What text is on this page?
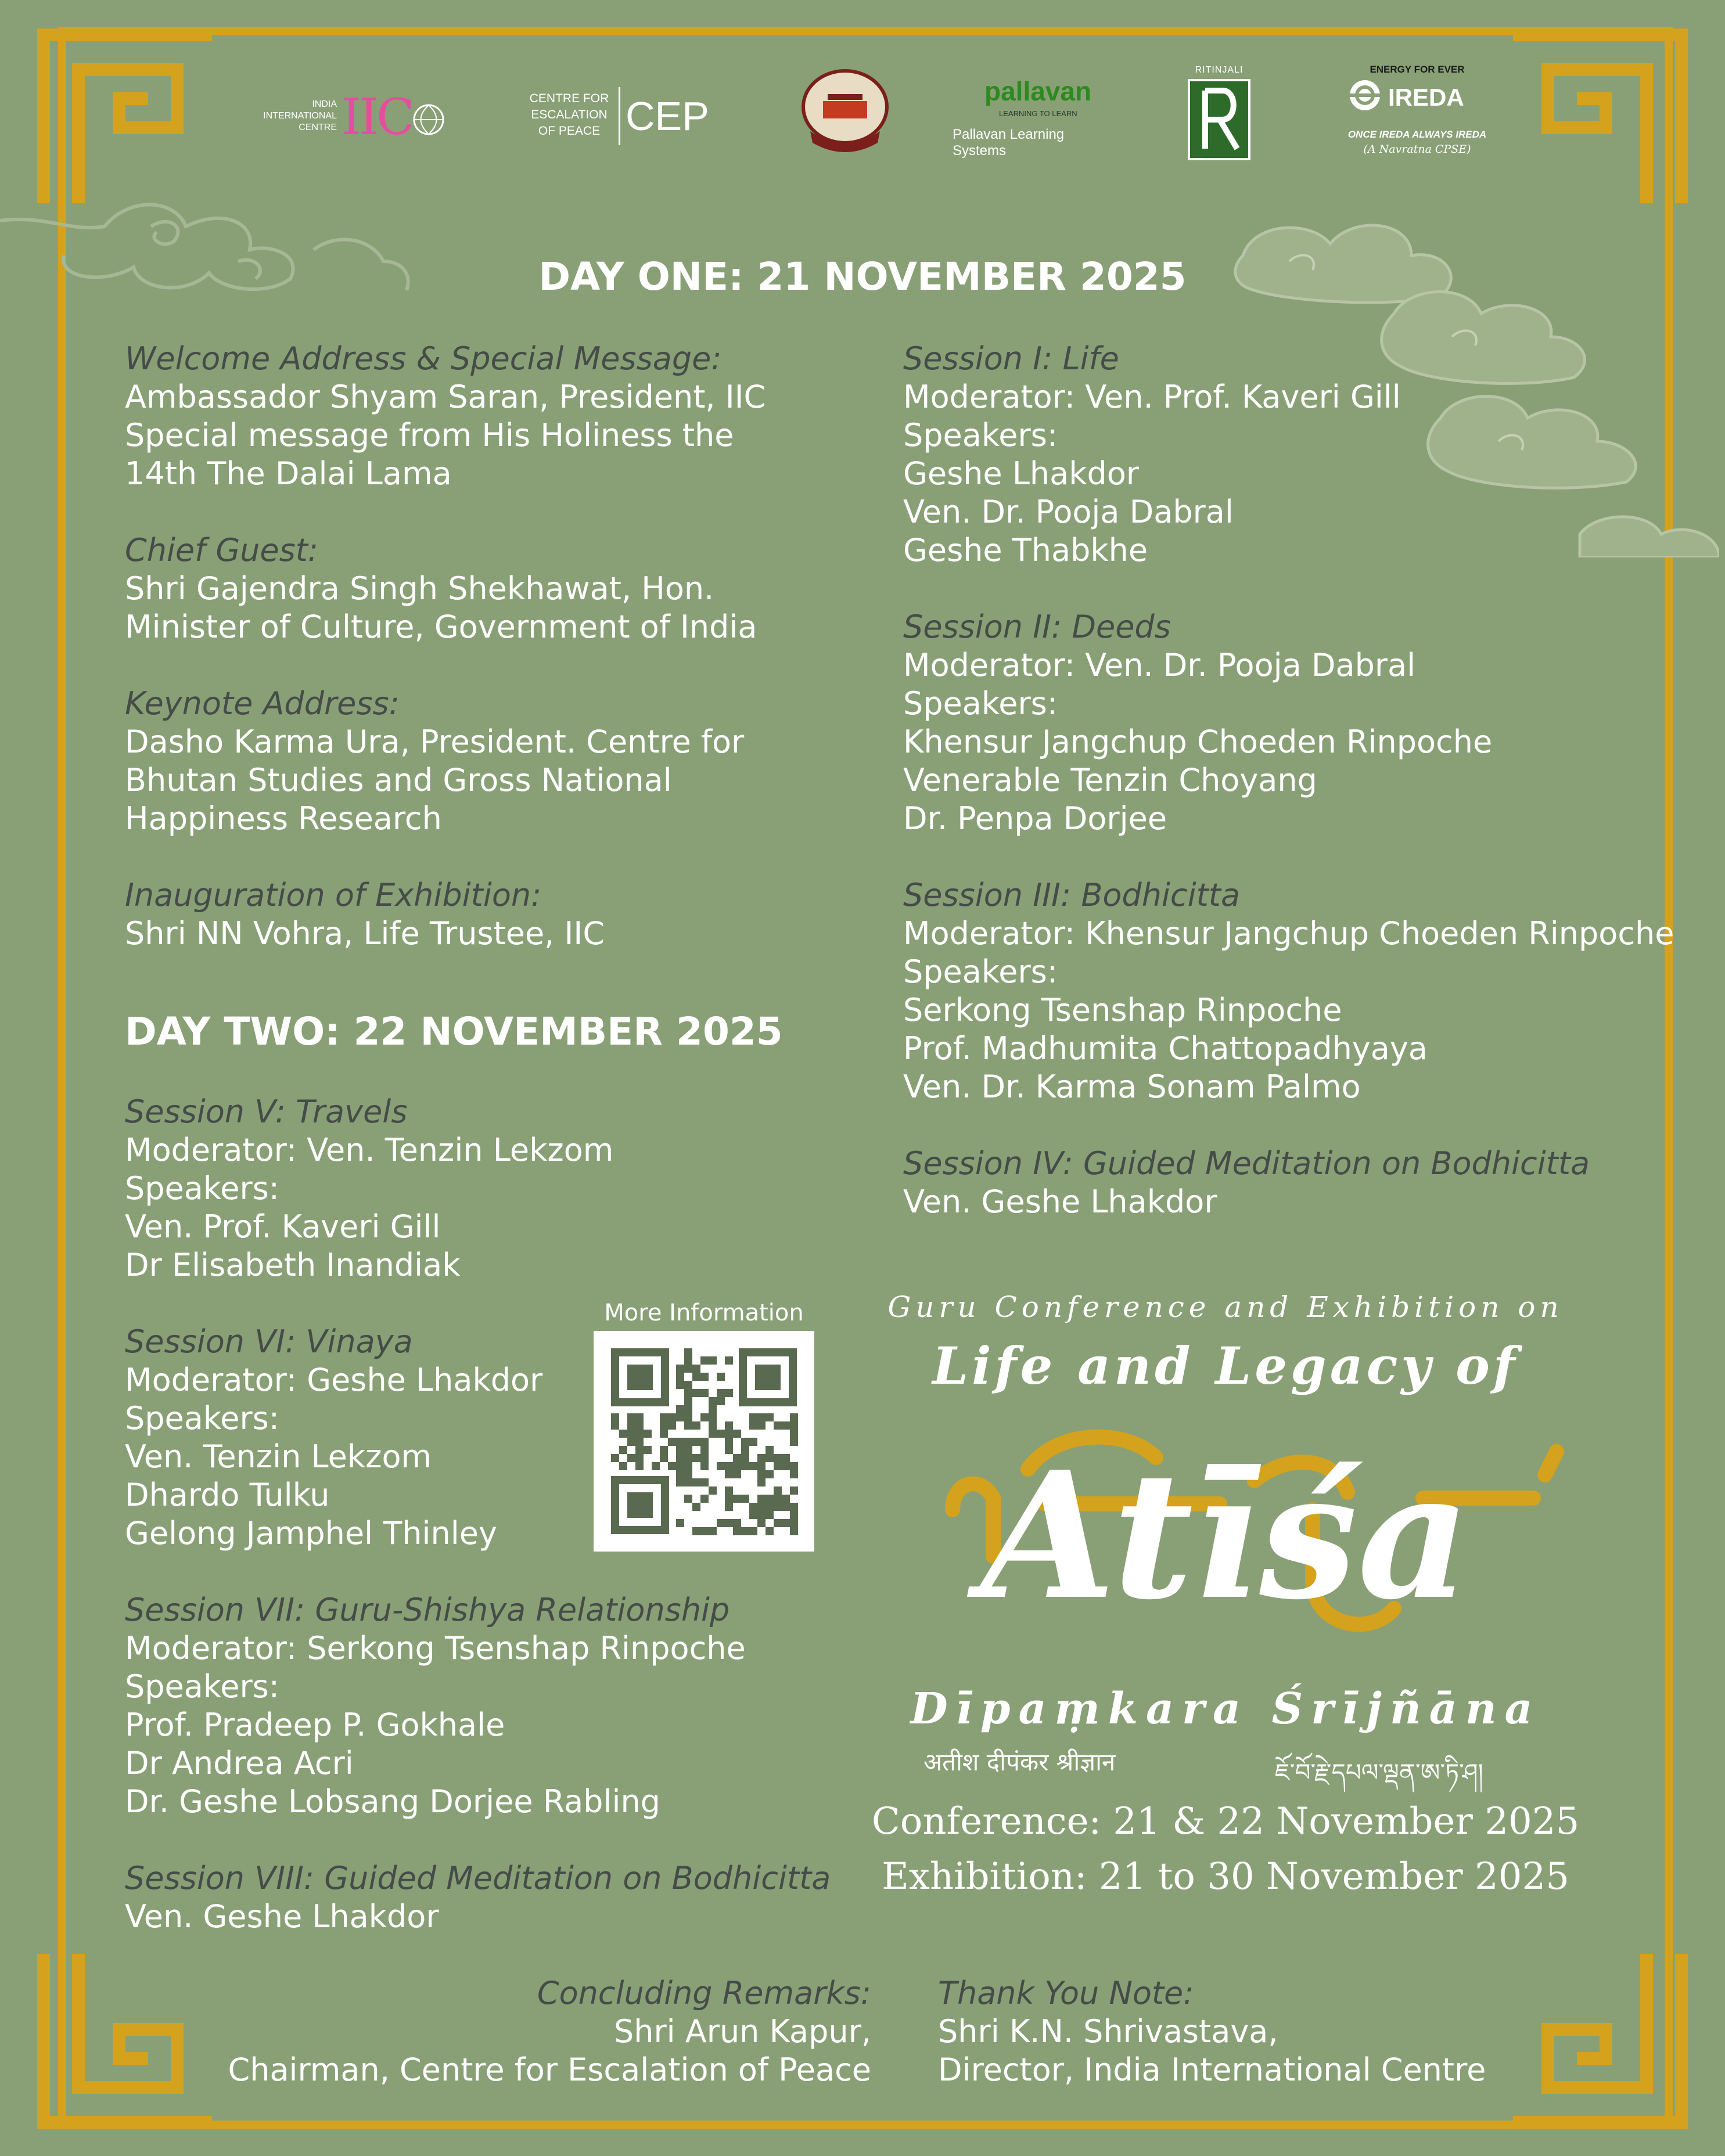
INDIA INTERNATIONAL CENTRE IIC	CENTRE FOR ESCALATION OF PEACE CEP
pallavan
LEARNING TO LEARN
Pallavan Learning Systems
RITINJALI	ENERGY FOR EVER
IREDA
ONCE IREDA ALWAYS IREDA
(A Navratna CPSE)
DAY ONE: 21 NOVEMBER 2025
Welcome Address & Special Message:
Ambassador Shyam Saran, President, IIC
Special message from His Holiness the
14th The Dalai Lama
Chief Guest:
Shri Gajendra Singh Shekhawat, Hon.
Minister of Culture, Government of India
Keynote Address:
Dasho Karma Ura, President. Centre for
Bhutan Studies and Gross National
Happiness Research
Inauguration of Exhibition:
Shri NN Vohra, Life Trustee, IIC
Session I: Life
Moderator: Ven. Prof. Kaveri Gill
Speakers:
Geshe Lhakdor
Ven. Dr. Pooja Dabral
Geshe Thabkhe
Session II: Deeds
Moderator: Ven. Dr. Pooja Dabral
Speakers:
Khensur Jangchup Choeden Rinpoche
Venerable Tenzin Choyang
Dr. Penpa Dorjee
Session III: Bodhicitta
Moderator: Khensur Jangchup Choeden Rinpoche
Speakers:
Serkong Tsenshap Rinpoche
Prof. Madhumita Chattopadhyaya
Ven. Dr. Karma Sonam Palmo
Session IV: Guided Meditation on Bodhicitta
Ven. Geshe Lhakdor
DAY TWO: 22 NOVEMBER 2025
Session V: Travels
Moderator: Ven. Tenzin Lekzom
Speakers:
Ven. Prof. Kaveri Gill
Dr Elisabeth Inandiak
Session VI: Vinaya
Moderator: Geshe Lhakdor
Speakers:
Ven. Tenzin Lekzom
Dhardo Tulku
Gelong Jamphel Thinley
Session VII: Guru-Shishya Relationship
Moderator: Serkong Tsenshap Rinpoche
Speakers:
Prof. Pradeep P. Gokhale
Dr Andrea Acri
Dr. Geshe Lobsang Dorjee Rabling
Session VIII: Guided Meditation on Bodhicitta
Ven. Geshe Lhakdor
More Information	Guru Conference and Exhibition on
Life and Legacy of
Atīśa
Dīpaṃkara Śrījñāna
अतीश दीपंकर श्रीज्ञान	ཇོ་བོ་རྗེ་དཔལ་ལྡན་ཨ་ཏི་ཤ།
Conference: 21 & 22 November 2025
Exhibition: 21 to 30 November 2025
Concluding Remarks:
Shri Arun Kapur,
Chairman, Centre for Escalation of Peace
Thank You Note:
Shri K.N. Shrivastava,
Director, India International Centre
